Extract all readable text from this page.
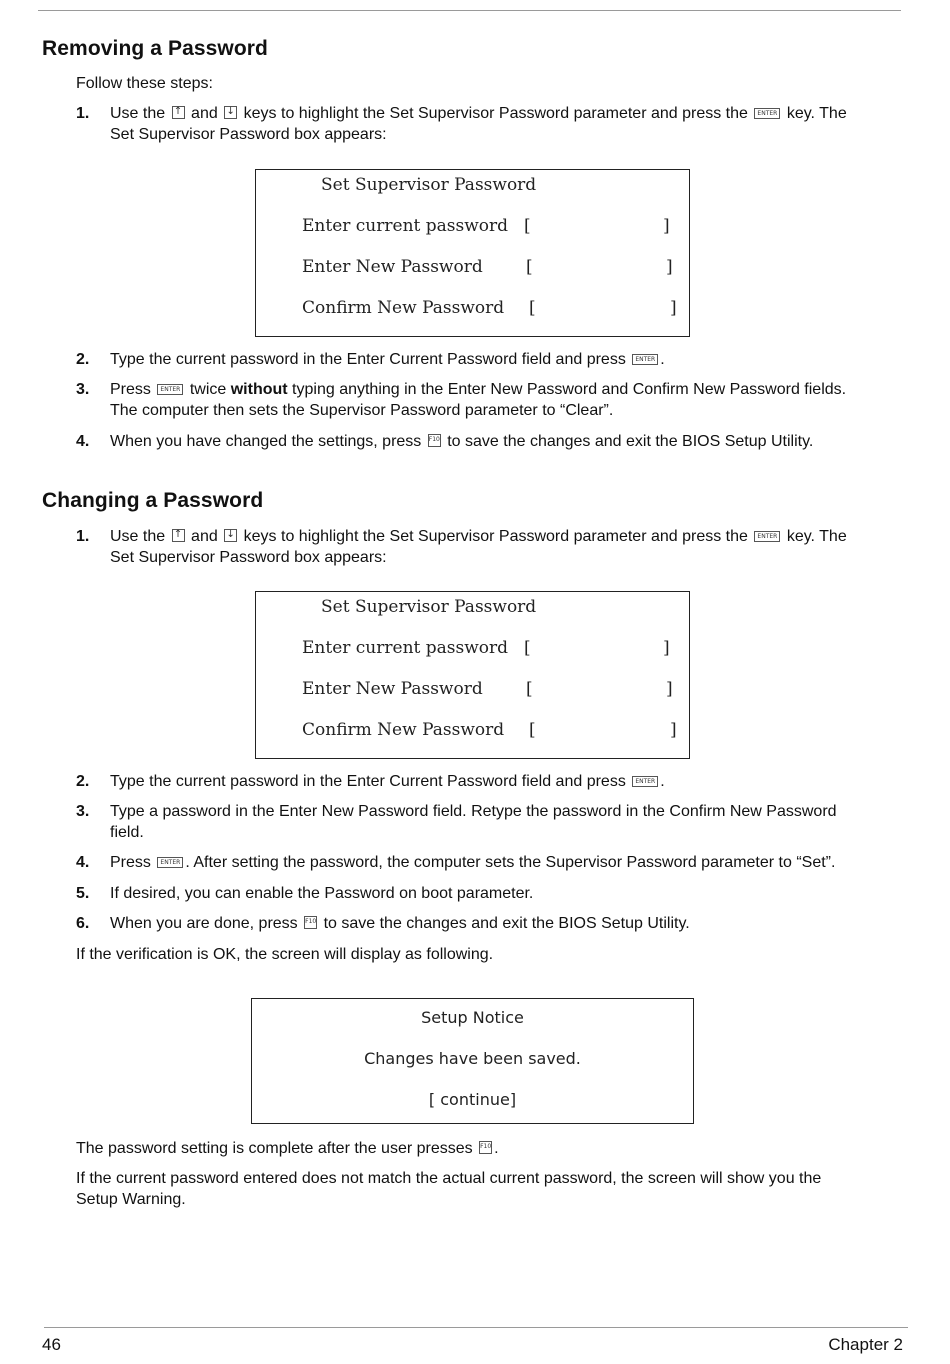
Removing a Password
Follow these steps:
1. Use the ↑ and ↓ keys to highlight the Set Supervisor Password parameter and press the	ENTER key. The
Set Supervisor Password box appears:
Set Supervisor Password
Enter current password [	]
Enter New Password	[	]
Confirm New Password [	]
2. Type the current password in the Enter Current Password field and press	ENTER .
3. Press	ENTER twice without typing anything in the Enter New Password and Confirm New Password fields.
The computer then sets the Supervisor Password parameter to “Clear”.
4. When you have changed the settings, press F10 to save the changes and exit the BIOS Setup Utility.
Changing a Password
1. Use the ↑ and ↓ keys to highlight the Set Supervisor Password parameter and press the	ENTER key. The
Set Supervisor Password box appears:
Set Supervisor Password
Enter current password [	]
Enter New Password	[	]
Confirm New Password [	]
2. Type the current password in the Enter Current Password field and press	ENTER .
3. Type a password in the Enter New Password field. Retype the password in the Confirm New Password
field.
4. Press	ENTER . After setting the password, the computer sets the Supervisor Password parameter to “Set”.
5. If desired, you can enable the Password on boot parameter.
6. When you are done, press F10 to save the changes and exit the BIOS Setup Utility.
If the verification is OK, the screen will display as following.
Setup Notice
Changes have been saved.
[ continue]
The password setting is complete after the user presses F10 .
If the current password entered does not match the actual current password, the screen will show you the
Setup Warning.
46	Chapter 2
